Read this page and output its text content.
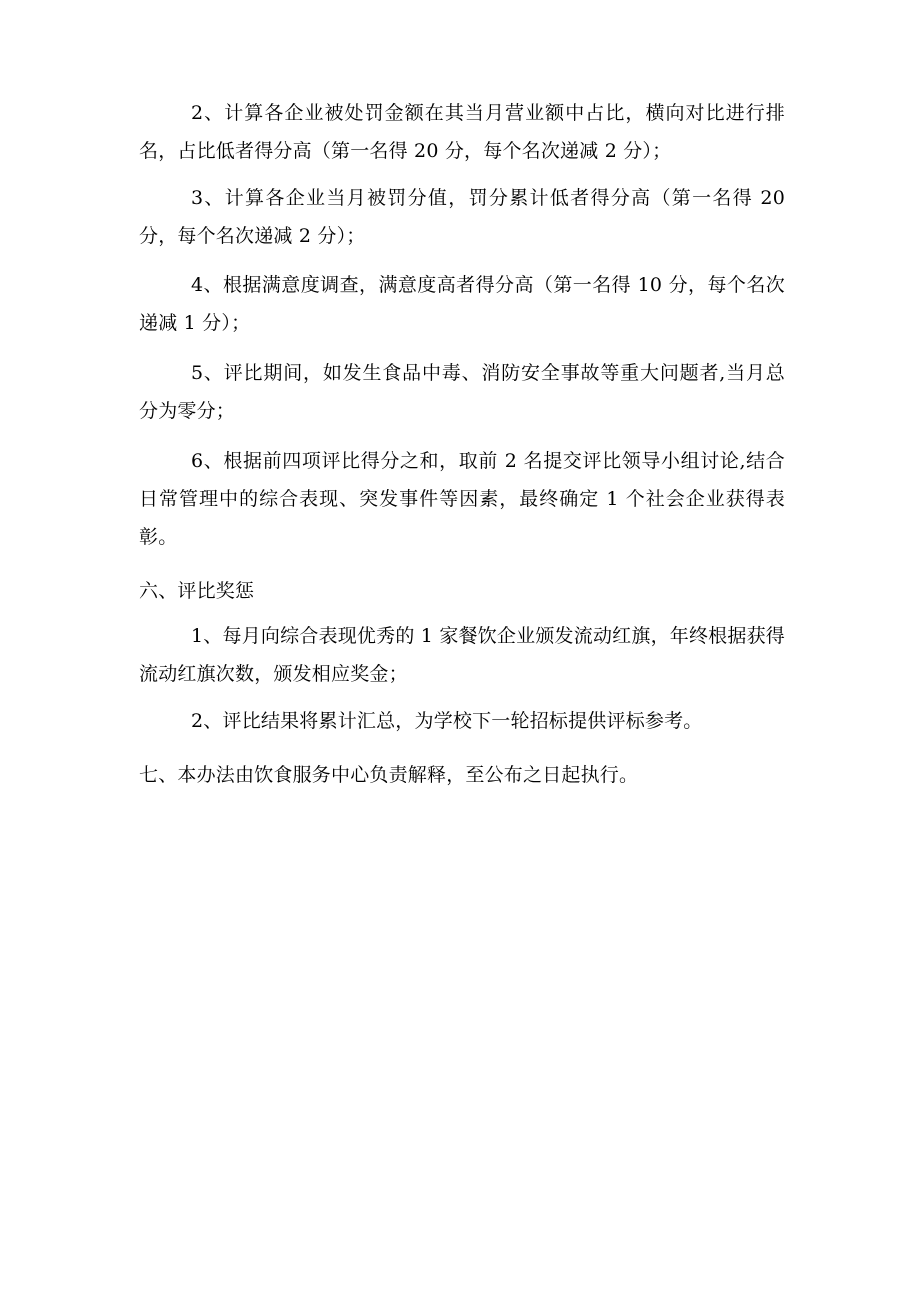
2、计算各企业被处罚金额在其当月营业额中占比，横向对比进行排名，占比低者得分高（第一名得 20 分，每个名次递减 2 分）；

3、计算各企业当月被罚分值，罚分累计低者得分高（第一名得 20 分，每个名次递减 2 分）；

4、根据满意度调查，满意度高者得分高（第一名得 10 分，每个名次递减 1 分）；

5、评比期间，如发生食品中毒、消防安全事故等重大问题者,当月总分为零分；

6、根据前四项评比得分之和，取前 2 名提交评比领导小组讨论,结合日常管理中的综合表现、突发事件等因素，最终确定 1 个社会企业获得表彰。

六、评比奖惩

1、每月向综合表现优秀的 1 家餐饮企业颁发流动红旗，年终根据获得流动红旗次数，颁发相应奖金；

2、评比结果将累计汇总，为学校下一轮招标提供评标参考。

七、本办法由饮食服务中心负责解释，至公布之日起执行。
